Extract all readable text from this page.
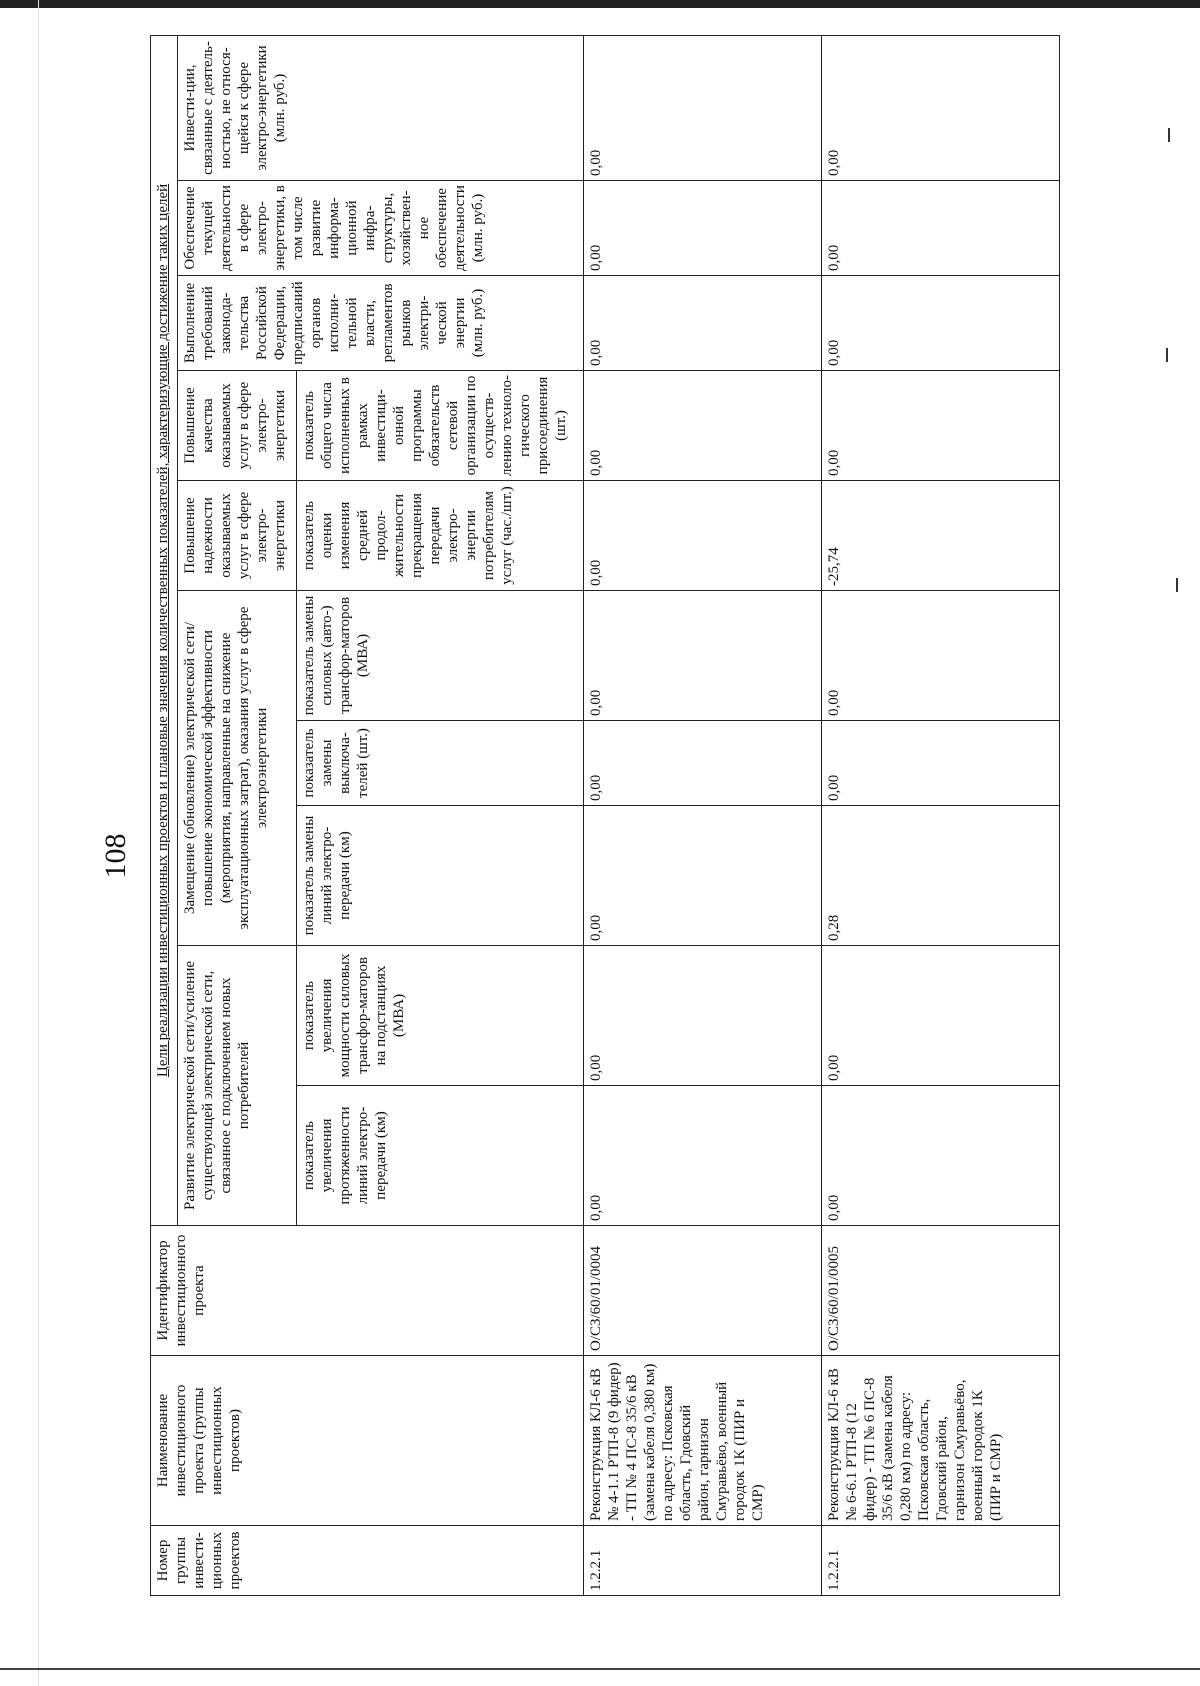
108
Номер группы инвести-ционных проектов	Наименование инвестиционного проекта (группы инвестиционных проектов)	Идентификатор инвестиционного проекта	Цели реализации инвестиционных проектов и плановые значения количественных показателей, характеризующие достижение таких целей									
			Развитие электрической сети/усиление существующей электрической сети, связанное с подключением новых потребителей		Замещение (обновление) электрической сети/повышение экономической эффективности (мероприятия, направленные на снижение эксплуатационных затрат), оказания услуг в сфере электроэнергетики			Повышение надежности оказываемых услуг в сфере электро-энергетики	Повышение качества оказываемых услуг в сфере электро-энергетики	Выполнение требований законода-тельства Российской Федерации, предписаний органов исполни-тельной власти, регламентов рынков электри-ческой энергии (млн. руб.)	Обеспечение текущей деятельности в сфере электро-энергетики, в том числе развитие информа-ционной инфра-структуры, хозяйствен-ное обеспечение деятельности (млн. руб.)	Инвести-ции, связанные с деятель-ностью, не относя-щейся к сфере электро-энергетики (млн. руб.)
			показатель увеличения протяженности линий электро-передачи (км)	показатель увеличения мощности силовых трансфор-маторов на подстанциях (МВА)	показатель замены линий электро-передачи (км)	показатель замены выключа-телей (шт.)	показатель замены силовых (авто-) трансфор-маторов (МВА)	показатель оценки изменения средней продол-жительности прекращения передачи электро-энергии потребителям услуг (час./шт.)	показатель общего числа исполненных в рамках инвестици-онной программы обязательств сетевой организации по осуществ-лению техноло-гического присоединения (шт.)			
1.2.2.1	Реконструкция КЛ-6 кВ № 4-1.1 РТП-8 (9 фидер) - ТП № 4 ПС-8 35/6 кВ (замена кабеля 0,380 км) по адресу: Псковская область, Гдовский район, гарнизон Смуравьёво, военный городок 1К (ПИР и СМР)	О/СЗ/60/01/0004	0,00	0,00	0,00	0,00	0,00	0,00	0,00	0,00	0,00	0,00
1.2.2.1	Реконструкция КЛ-6 кВ № 6-6.1 РТП-8 (12 фидер) - ТП № 6 ПС-8 35/6 кВ (замена кабеля 0,280 км) по адресу: Псковская область, Гдовский район, гарнизон Смуравьёво, военный городок 1К (ПИР и СМР)	О/СЗ/60/01/0005	0,00	0,00	0,28	0,00	0,00	-25,74	0,00	0,00	0,00	0,00
